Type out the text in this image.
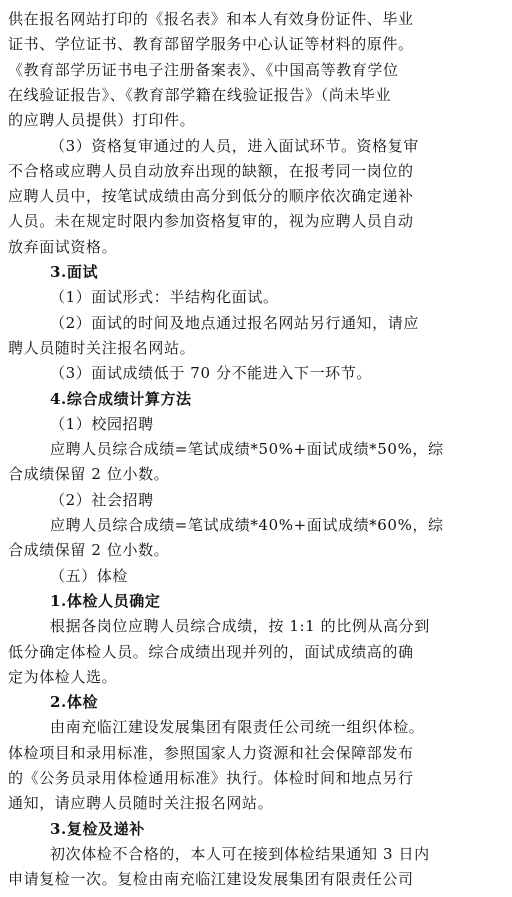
供在报名网站打印的《报名表》和本人有效身份证件、毕业
证书、学位证书、教育部留学服务中心认证等材料的原件。
《教育部学历证书电子注册备案表》、《中国高等教育学位
在线验证报告》、《教育部学籍在线验证报告》（尚未毕业
的应聘人员提供）打印件。
（3）资格复审通过的人员，进入面试环节。资格复审
不合格或应聘人员自动放弃出现的缺额，在报考同一岗位的
应聘人员中，按笔试成绩由高分到低分的顺序依次确定递补
人员。未在规定时限内参加资格复审的，视为应聘人员自动
放弃面试资格。
3.面试
（1）面试形式：半结构化面试。
（2）面试的时间及地点通过报名网站另行通知，请应
聘人员随时关注报名网站。
（3）面试成绩低于 70 分不能进入下一环节。
4.综合成绩计算方法
（1）校园招聘
应聘人员综合成绩=笔试成绩*50%+面试成绩*50%，综
合成绩保留 2 位小数。
（2）社会招聘
应聘人员综合成绩=笔试成绩*40%+面试成绩*60%，综
合成绩保留 2 位小数。
（五）体检
1.体检人员确定
根据各岗位应聘人员综合成绩，按 1:1 的比例从高分到
低分确定体检人员。综合成绩出现并列的，面试成绩高的确
定为体检人选。
2.体检
由南充临江建设发展集团有限责任公司统一组织体检。
体检项目和录用标准，参照国家人力资源和社会保障部发布
的《公务员录用体检通用标准》执行。体检时间和地点另行
通知，请应聘人员随时关注报名网站。
3.复检及递补
初次体检不合格的，本人可在接到体检结果通知 3 日内
申请复检一次。复检由南充临江建设发展集团有限责任公司
